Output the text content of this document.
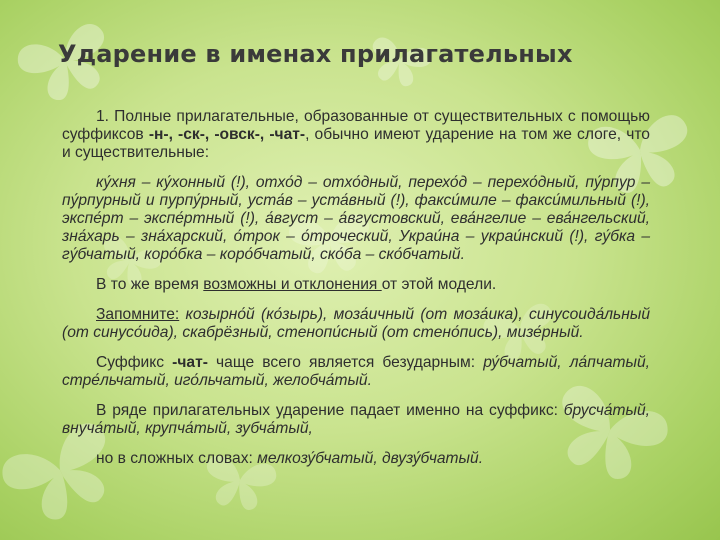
Ударение в именах прилагательных

1. Полные прилагательные, образованные от существительных с помощью суффиксов -н-, -ск-, -овск-, -чат-, обычно имеют ударение на том же слоге, что и существительные:

ку́хня – ку́хонный (!), отхо́д – отхо́дный, перехо́д – перехо́дный, пу́рпур – пу́рпурный и пурпу́рный, уста́в – уста́вный (!), факси́миле – факси́мильный (!), экспе́рт – экспе́ртный (!), а́вгуст – а́вгустовский, ева́нгелие – ева́нгельский, зна́харь – зна́харский, о́трок – о́троческий, Украи́на – украи́нский (!), гу́бка – гу́бчатый, коро́бка – коро́бчатый, ско́ба – ско́бчатый.

В то же время возможны и отклонения от этой модели.

Запомните: козырно́й (ко́зырь), моза́ичный (от моза́ика), синусоида́льный (от синусо́ида), скабрёзный, стенопи́сный (от стено́пись), мизе́рный.

Суффикс -чат- чаще всего является безударным: ру́бчатый, ла́пчатый, стре́льчатый, иго́льчатый, желобча́тый.

В ряде прилагательных ударение падает именно на суффикс: брусча́тый, внуча́тый, крупча́тый, зубча́тый,

но в сложных словах: мелкозу́бчатый, двузу́бчатый.
